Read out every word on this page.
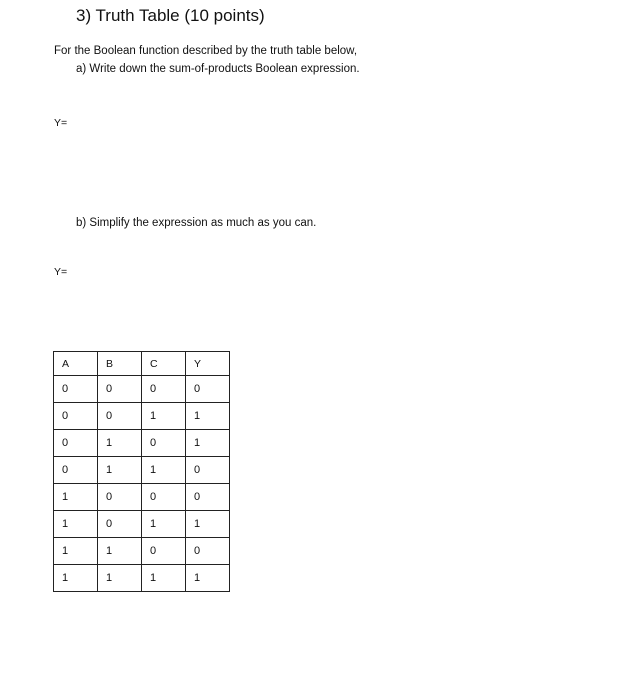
3) Truth Table (10 points)
For the Boolean function described by the truth table below,
a) Write down the sum-of-products Boolean expression.
Y=
b) Simplify the expression as much as you can.
Y=
A	B	C	Y
0	0	0	0
0	0	1	1
0	1	0	1
0	1	1	0
1	0	0	0
1	0	1	1
1	1	0	0
1	1	1	1
